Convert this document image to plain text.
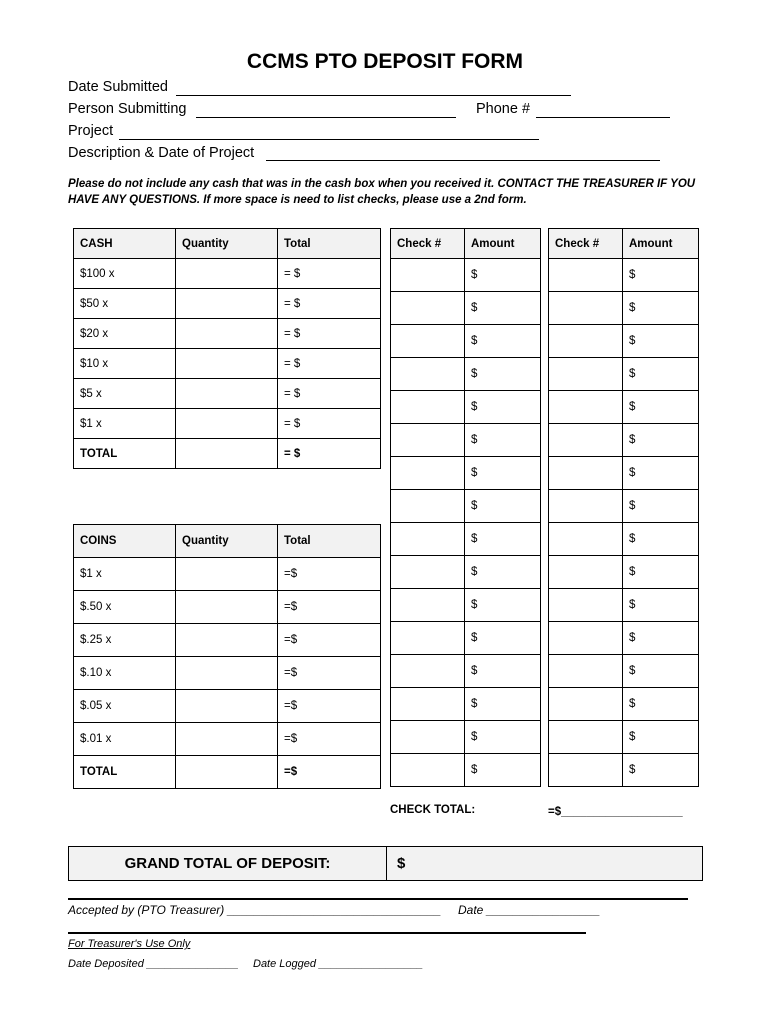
CCMS PTO DEPOSIT FORM
Date Submitted
Person Submitting	Phone #
Project
Description & Date of Project
Please do not include any cash that was in the cash box when you received it. CONTACT THE TREASURER IF YOU HAVE ANY QUESTIONS. If more space is need to list checks, please use a 2nd form.
CASH	Quantity	Total
$100 x		= $
$50 x		= $
$20 x		= $
$10 x		= $
$5 x		= $
$1 x		= $
TOTAL		= $
COINS	Quantity	Total
$1 x		=$
$.50 x		=$
$.25 x		=$
$.10 x		=$
$.05 x		=$
$.01 x		=$
TOTAL		=$
Check #	Amount
	$
	$
	$
	$
	$
	$
	$
	$
	$
	$
	$
	$
	$
	$
	$
	$
Check #	Amount
	$
	$
	$
	$
	$
	$
	$
	$
	$
	$
	$
	$
	$
	$
	$
	$
CHECK TOTAL:	=$___________________
GRAND TOTAL OF DEPOSIT:	$
Accepted by (PTO Treasurer) ________________________________ Date _________________
For Treasurer's Use Only
Date Deposited _______________ Date Logged _________________
